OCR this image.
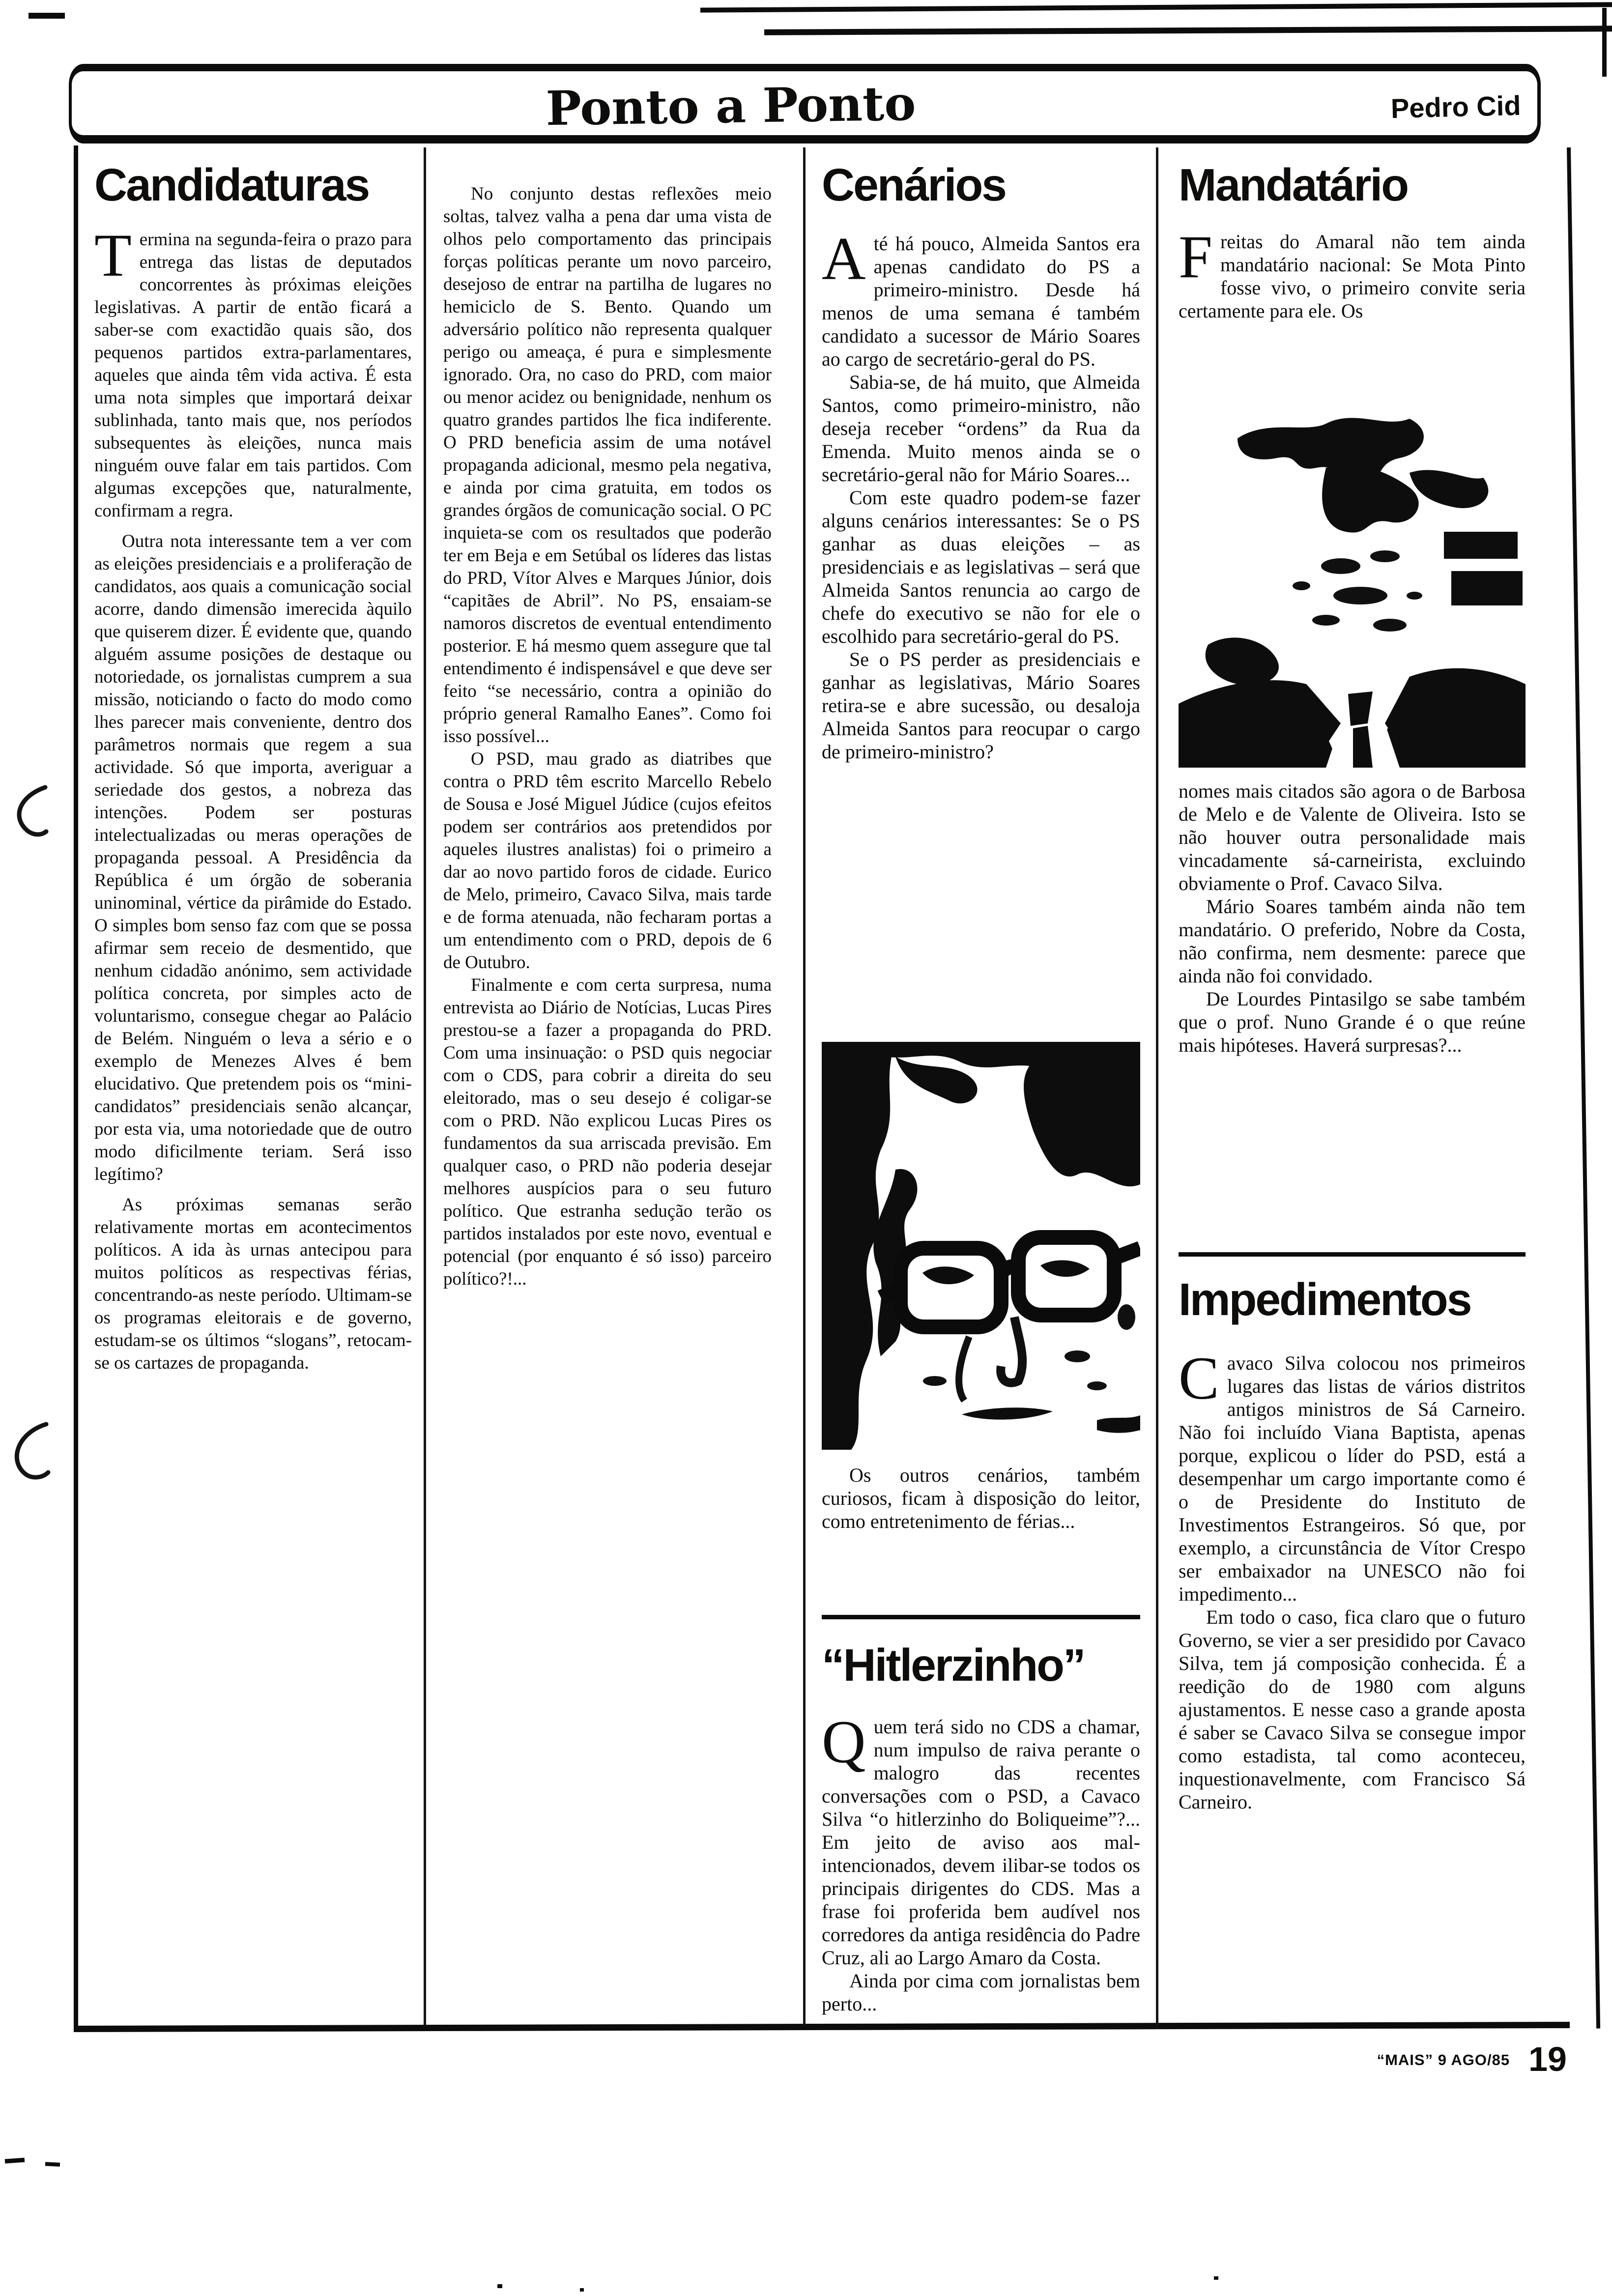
Ponto a Ponto	Pedro Cid
Candidaturas

Termina na segunda-feira o prazo para entrega das listas de deputados concorrentes às próximas eleições legislativas. A partir de então ficará a saber-se com exactidão quais são, dos pequenos partidos extra-parlamentares, aqueles que ainda têm vida activa. É esta uma nota simples que importará deixar sublinhada, tanto mais que, nos períodos subsequentes às eleições, nunca mais ninguém ouve falar em tais partidos. Com algumas excepções que, naturalmente, confirmam a regra.

Outra nota interessante tem a ver com as eleições presidenciais e a proliferação de candidatos, aos quais a comunicação social acorre, dando dimensão imerecida àquilo que quiserem dizer. É evidente que, quando alguém assume posições de destaque ou notoriedade, os jornalistas cumprem a sua missão, noticiando o facto do modo como lhes parecer mais conveniente, dentro dos parâmetros normais que regem a sua actividade. Só que importa, averiguar a seriedade dos gestos, a nobreza das intenções. Podem ser posturas intelectualizadas ou meras operações de propaganda pessoal. A Presidência da República é um órgão de soberania uninominal, vértice da pirâmide do Estado. O simples bom senso faz com que se possa afirmar sem receio de desmentido, que nenhum cidadão anónimo, sem actividade política concreta, por simples acto de voluntarismo, consegue chegar ao Palácio de Belém. Ninguém o leva a sério e o exemplo de Menezes Alves é bem elucidativo. Que pretendem pois os “mini-candidatos” presidenciais senão alcançar, por esta via, uma notoriedade que de outro modo dificilmente teriam. Será isso legítimo?

As próximas semanas serão relativamente mortas em acontecimentos políticos. A ida às urnas antecipou para muitos políticos as respectivas férias, concentrando-as neste período. Ultimam-se os programas eleitorais e de governo, estudam-se os últimos “slogans”, retocam-se os cartazes de propaganda.

No conjunto destas reflexões meio soltas, talvez valha a pena dar uma vista de olhos pelo comportamento das principais forças políticas perante um novo parceiro, desejoso de entrar na partilha de lugares no hemiciclo de S. Bento. Quando um adversário político não representa qualquer perigo ou ameaça, é pura e simplesmente ignorado. Ora, no caso do PRD, com maior ou menor acidez ou benignidade, nenhum os quatro grandes partidos lhe fica indiferente. O PRD beneficia assim de uma notável propaganda adicional, mesmo pela negativa, e ainda por cima gratuita, em todos os grandes órgãos de comunicação social. O PC inquieta-se com os resultados que poderão ter em Beja e em Setúbal os líderes das listas do PRD, Vítor Alves e Marques Júnior, dois “capitães de Abril”. No PS, ensaiam-se namoros discretos de eventual entendimento posterior. E há mesmo quem assegure que tal entendimento é indispensável e que deve ser feito “se necessário, contra a opinião do próprio general Ramalho Eanes”. Como foi isso possível...

O PSD, mau grado as diatribes que contra o PRD têm escrito Marcello Rebelo de Sousa e José Miguel Júdice (cujos efeitos podem ser contrários aos pretendidos por aqueles ilustres analistas) foi o primeiro a dar ao novo partido foros de cidade. Eurico de Melo, primeiro, Cavaco Silva, mais tarde e de forma atenuada, não fecharam portas a um entendimento com o PRD, depois de 6 de Outubro.

Finalmente e com certa surpresa, numa entrevista ao Diário de Notícias, Lucas Pires prestou-se a fazer a propaganda do PRD. Com uma insinuação: o PSD quis negociar com o CDS, para cobrir a direita do seu eleitorado, mas o seu desejo é coligar-se com o PRD. Não explicou Lucas Pires os fundamentos da sua arriscada previsão. Em qualquer caso, o PRD não poderia desejar melhores auspícios para o seu futuro político. Que estranha sedução terão os partidos instalados por este novo, eventual e potencial (por enquanto é só isso) parceiro político?!...

Cenários

Até há pouco, Almeida Santos era apenas candidato do PS a primeiro-ministro. Desde há menos de uma semana é também candidato a sucessor de Mário Soares ao cargo de secretário-geral do PS.

Sabia-se, de há muito, que Almeida Santos, como primeiro-ministro, não deseja receber “ordens” da Rua da Emenda. Muito menos ainda se o secretário-geral não for Mário Soares...

Com este quadro podem-se fazer alguns cenários interessantes: Se o PS ganhar as duas eleições – as presidenciais e as legislativas – será que Almeida Santos renuncia ao cargo de chefe do executivo se não for ele o escolhido para secretário-geral do PS.

Se o PS perder as presidenciais e ganhar as legislativas, Mário Soares retira-se e abre sucessão, ou desaloja Almeida Santos para reocupar o cargo de primeiro-ministro?

Os outros cenários, também curiosos, ficam à disposição do leitor, como entretenimento de férias...

“Hitlerzinho”

Quem terá sido no CDS a chamar, num impulso de raiva perante o malogro das recentes conversações com o PSD, a Cavaco Silva “o hitlerzinho do Boliqueime”?... Em jeito de aviso aos mal-intencionados, devem ilibar-se todos os principais dirigentes do CDS. Mas a frase foi proferida bem audível nos corredores da antiga residência do Padre Cruz, ali ao Largo Amaro da Costa.

Ainda por cima com jornalistas bem perto...

Mandatário

Freitas do Amaral não tem ainda mandatário nacional: Se Mota Pinto fosse vivo, o primeiro convite seria certamente para ele. Os

nomes mais citados são agora o de Barbosa de Melo e de Valente de Oliveira. Isto se não houver outra personalidade mais vincadamente sá-carneirista, excluindo obviamente o Prof. Cavaco Silva.

Mário Soares também ainda não tem mandatário. O preferido, Nobre da Costa, não confirma, nem desmente: parece que ainda não foi convidado.

De Lourdes Pintasilgo se sabe também que o prof. Nuno Grande é o que reúne mais hipóteses. Haverá surpresas?...

Impedimentos

Cavaco Silva colocou nos primeiros lugares das listas de vários distritos antigos ministros de Sá Carneiro. Não foi incluído Viana Baptista, apenas porque, explicou o líder do PSD, está a desempenhar um cargo importante como é o de Presidente do Instituto de Investimentos Estrangeiros. Só que, por exemplo, a circunstância de Vítor Crespo ser embaixador na UNESCO não foi impedimento...

Em todo o caso, fica claro que o futuro Governo, se vier a ser presidido por Cavaco Silva, tem já composição conhecida. É a reedição do de 1980 com alguns ajustamentos. E nesse caso a grande aposta é saber se Cavaco Silva se consegue impor como estadista, tal como aconteceu, inquestionavelmente, com Francisco Sá Carneiro.

“MAIS” 9 AGO/85 19
